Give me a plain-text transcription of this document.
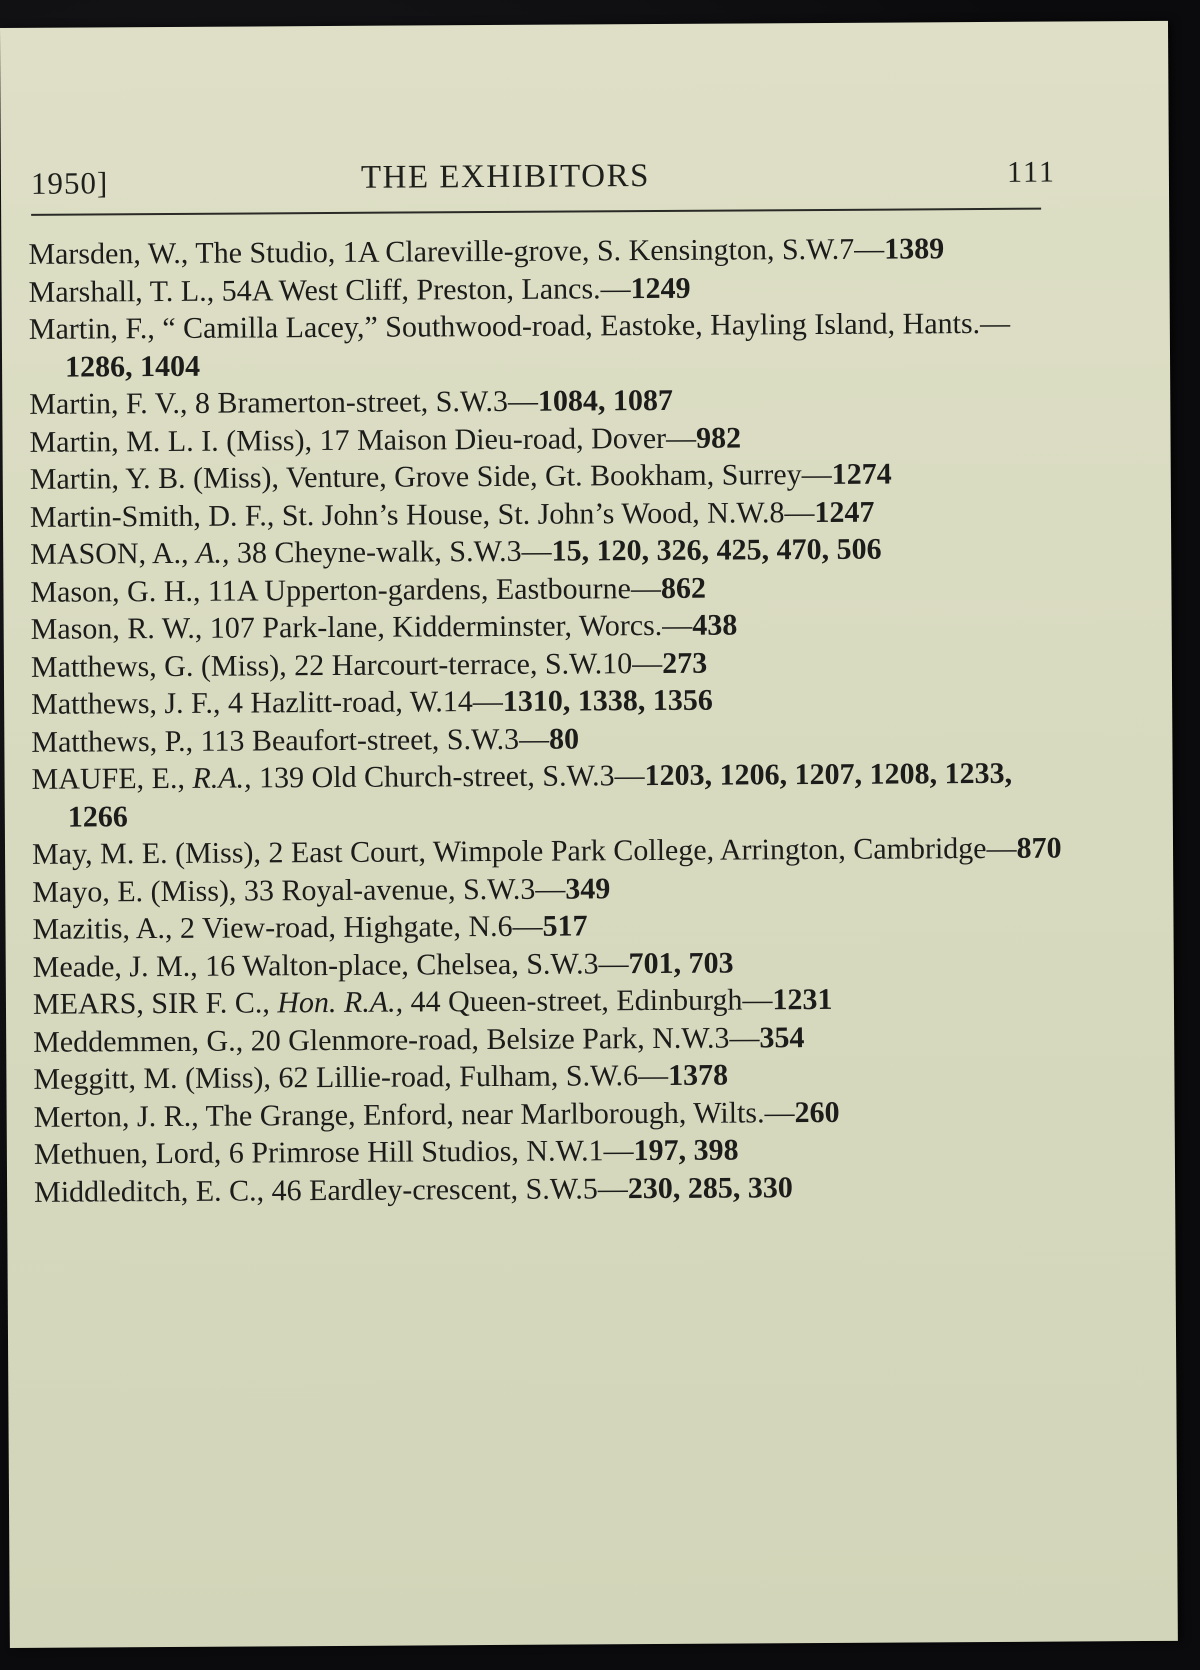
1950]	THE EXHIBITORS	111
Marsden, W., The Studio, 1A Clareville-grove, S. Kensington, S.W.7—1389
Marshall, T. L., 54A West Cliff, Preston, Lancs.—1249
Martin, F., “ Camilla Lacey,” Southwood-road, Eastoke, Hayling Island, Hants.—1286, 1404
Martin, F. V., 8 Bramerton-street, S.W.3—1084, 1087
Martin, M. L. I. (Miss), 17 Maison Dieu-road, Dover—982
Martin, Y. B. (Miss), Venture, Grove Side, Gt. Bookham, Surrey—1274
Martin-Smith, D. F., St. John’s House, St. John’s Wood, N.W.8—1247
MASON, A., A., 38 Cheyne-walk, S.W.3—15, 120, 326, 425, 470, 506
Mason, G. H., 11A Upperton-gardens, Eastbourne—862
Mason, R. W., 107 Park-lane, Kidderminster, Worcs.—438
Matthews, G. (Miss), 22 Harcourt-terrace, S.W.10—273
Matthews, J. F., 4 Hazlitt-road, W.14—1310, 1338, 1356
Matthews, P., 113 Beaufort-street, S.W.3—80
MAUFE, E., R.A., 139 Old Church-street, S.W.3—1203, 1206, 1207, 1208, 1233, 1266
May, M. E. (Miss), 2 East Court, Wimpole Park College, Arrington, Cambridge—870
Mayo, E. (Miss), 33 Royal-avenue, S.W.3—349
Mazitis, A., 2 View-road, Highgate, N.6—517
Meade, J. M., 16 Walton-place, Chelsea, S.W.3—701, 703
MEARS, SIR F. C., Hon. R.A., 44 Queen-street, Edinburgh—1231
Meddemmen, G., 20 Glenmore-road, Belsize Park, N.W.3—354
Meggitt, M. (Miss), 62 Lillie-road, Fulham, S.W.6—1378
Merton, J. R., The Grange, Enford, near Marlborough, Wilts.—260
Methuen, Lord, 6 Primrose Hill Studios, N.W.1—197, 398
Middleditch, E. C., 46 Eardley-crescent, S.W.5—230, 285, 330
